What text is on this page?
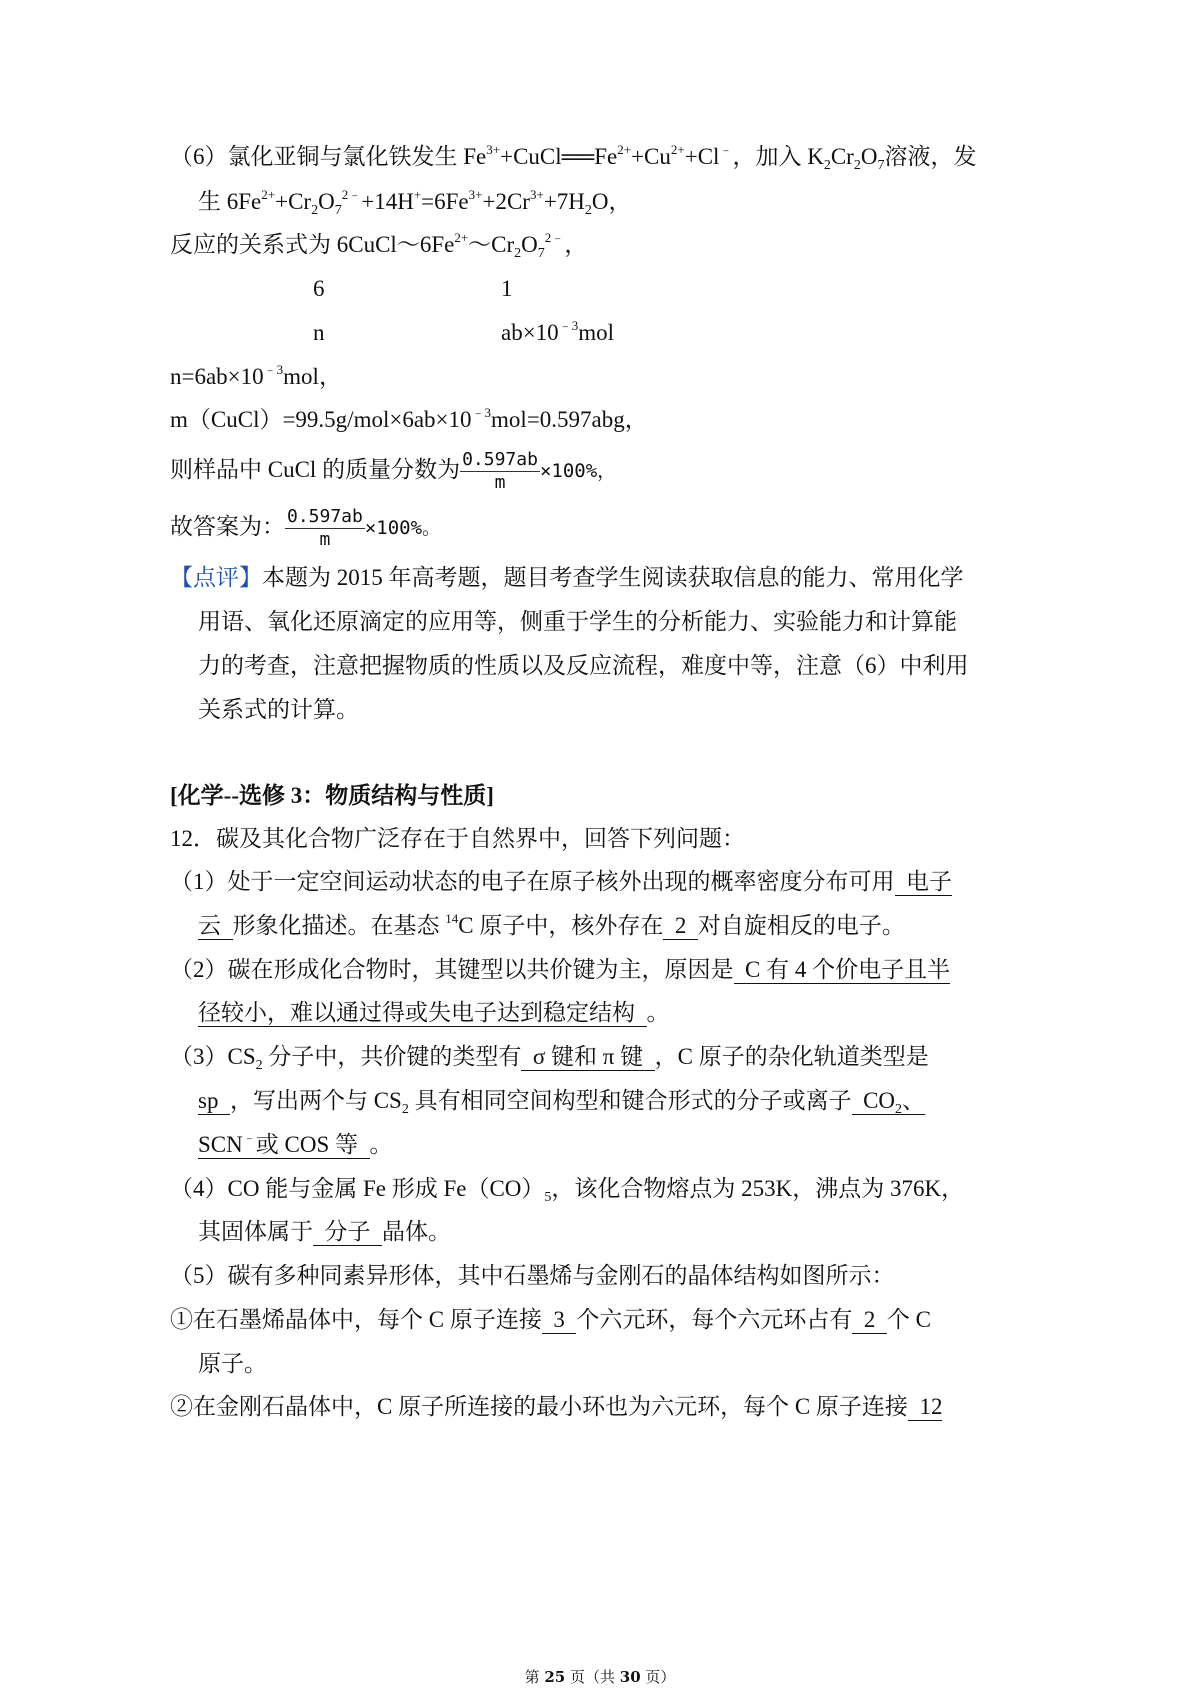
（6）氯化亚铜与氯化铁发生 $Fe^{3+}+CuCl══Fe^{2+}+Cu^{2+}+Cl^﹣$，加入 $K_2Cr_2O_7$溶液，发
生 $6Fe^{2+}+Cr_2O_7^{2﹣}+14H^+=6Fe^{3+}+2Cr^{3+}+7H_2O$，
反应的关系式为 $6CuCl\sim 6Fe^{2+}\sim Cr_2O_7^{2﹣}$，
6	1
n	$ab\times 10^{﹣3}mol$
$n=6ab\times 10^{﹣3}mol$，
$m(CuCl)=99.5g/mol\times 6ab\times 10^{﹣3}mol=0.597abg$，
则样品中 CuCl 的质量分数为 $\frac{0.597ab}{m} \times 100\%$，
故答案为： $\frac{0.597ab}{m} \times 100\%$。
【点评】本题为 2015 年高考题，题目考查学生阅读获取信息的能力、常用化学
用语、氧化还原滴定的应用等，侧重于学生的分析能力、实验能力和计算能
力的考查，注意把握物质的性质以及反应流程，难度中等，注意（6）中利用
关系式的计算。
[化学--选修 3：物质结构与性质]
12．碳及其化合物广泛存在于自然界中，回答下列问题：
（1）处于一定空间运动状态的电子在原子核外出现的概率密度分布可用  电子
云  形象化描述。在基态 $^{14}$C 原子中，核外存在  2  对自旋相反的电子。
（2）碳在形成化合物时，其键型以共价键为主，原因是  C 有 4 个价电子且半
径较小，难以通过得或失电子达到稳定结构  。
$(3)CS_2$ 分子中，共价键的类型有  σ 键和 π 键  ，C 原子的杂化轨道类型是
sp  ，写出两个与 $CS_2$ 具有相同空间构型和键合形式的分子或离子  $CO_2$、
SCN﹣或 COS 等  。
（4）CO 能与金属 Fe 形成 $Fe(CO)_5$，该化合物熔点为 253K，沸点为 376K，
其固体属于  分子  晶体。
（5）碳有多种同素异形体，其中石墨烯与金刚石的晶体结构如图所示：
①在石墨烯晶体中，每个 C 原子连接  3  个六元环，每个六元环占有  2  个 C
原子。
②在金刚石晶体中，C 原子所连接的最小环也为六元环，每个 C 原子连接  12
第 25 页（共 30 页）
